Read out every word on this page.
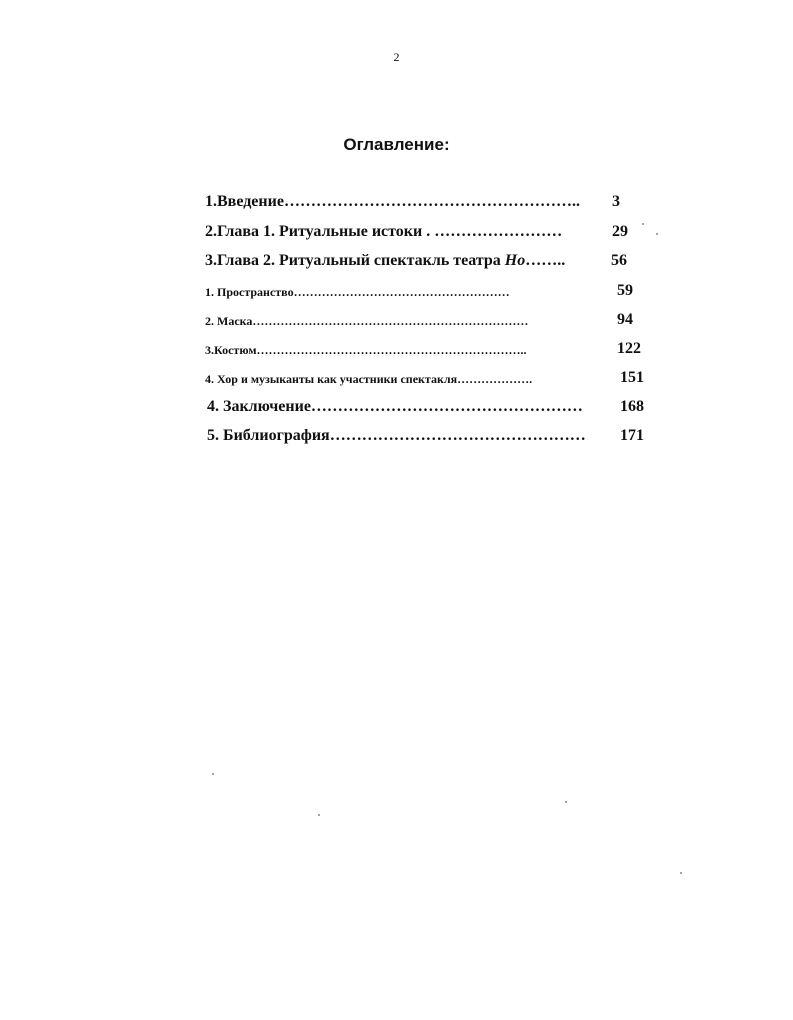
2
Оглавление:
1.Введение……………………………………………….. 3
2.Глава 1. Ритуальные истоки . ……………………	29
3.Глава 2. Ритуальный спектакль театра Но……..	56
1. Пространство………………………………………………	59
2. Маска……………………………………………………………	94
3.Костюм…………………………………………………………..	122
4. Хор и музыканты как участники спектакля……………….	151
4. Заключение…………………………………………… 168
5. Библиография………………………………………… 171
